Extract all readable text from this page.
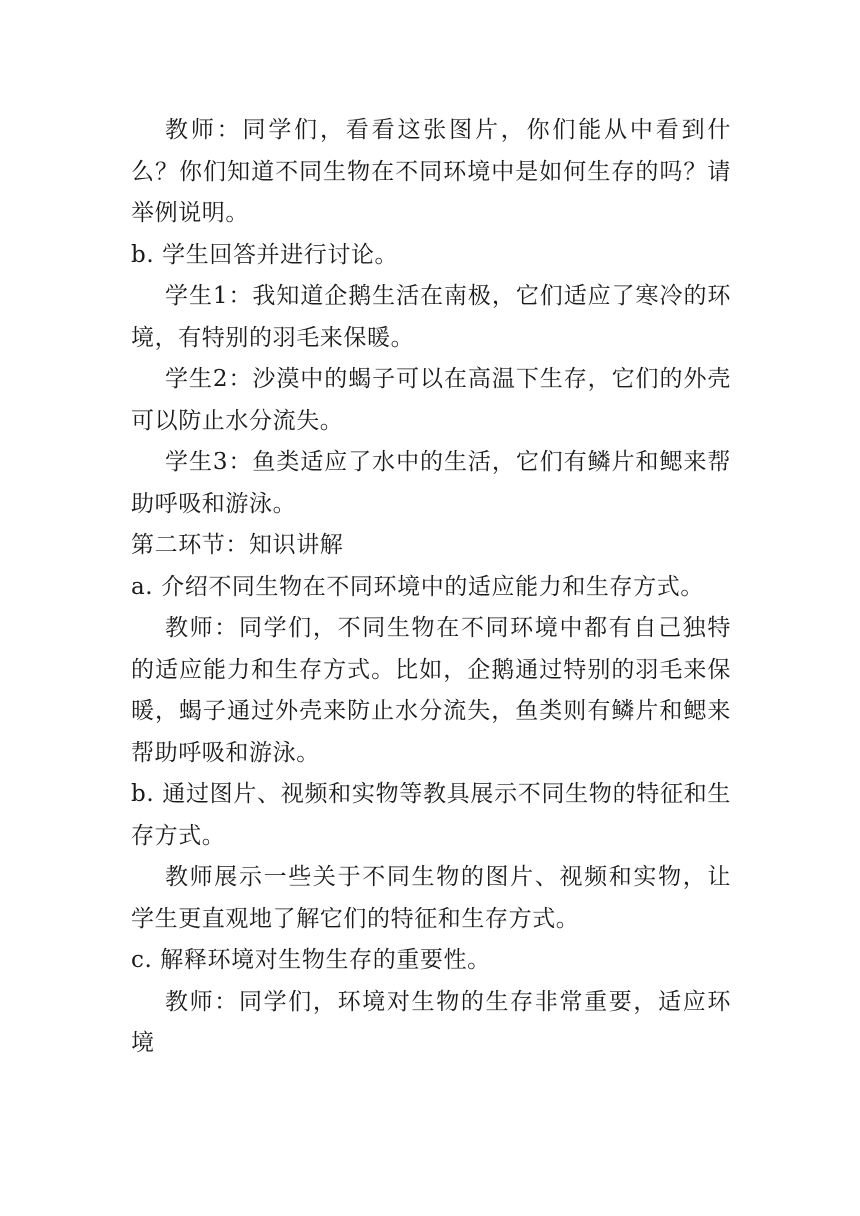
教师：同学们，看看这张图片，你们能从中看到什么？你们知道不同生物在不同环境中是如何生存的吗？请举例说明。

b. 学生回答并进行讨论。

学生1：我知道企鹅生活在南极，它们适应了寒冷的环境，有特别的羽毛来保暖。

学生2：沙漠中的蝎子可以在高温下生存，它们的外壳可以防止水分流失。

学生3：鱼类适应了水中的生活，它们有鳞片和鳃来帮助呼吸和游泳。

第二环节：知识讲解

a. 介绍不同生物在不同环境中的适应能力和生存方式。

教师：同学们，不同生物在不同环境中都有自己独特的适应能力和生存方式。比如，企鹅通过特别的羽毛来保暖，蝎子通过外壳来防止水分流失，鱼类则有鳞片和鳃来帮助呼吸和游泳。

b. 通过图片、视频和实物等教具展示不同生物的特征和生存方式。

教师展示一些关于不同生物的图片、视频和实物，让学生更直观地了解它们的特征和生存方式。

c. 解释环境对生物生存的重要性。

教师：同学们，环境对生物的生存非常重要，适应环境
